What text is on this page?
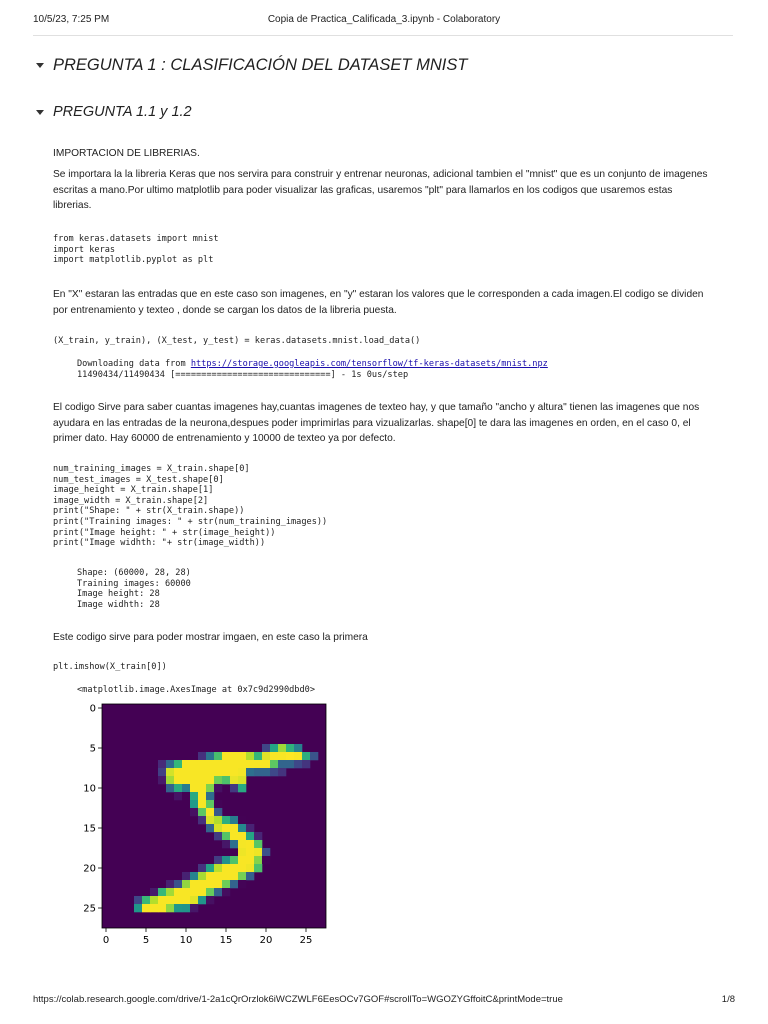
10/5/23, 7:25 PM	Copia de Practica_Calificada_3.ipynb - Colaboratory
PREGUNTA 1 : CLASIFICACIÓN DEL DATASET MNIST
PREGUNTA 1.1 y 1.2
IMPORTACION DE LIBRERIAS.
Se importara la la libreria Keras que nos servira para construir y entrenar neuronas, adicional tambien el "mnist" que es un conjunto de imagenes escritas a mano.Por ultimo matplotlib para poder visualizar las graficas, usaremos "plt" para llamarlos en los codigos que usaremos estas librerias.
from keras.datasets import mnist
import keras
import matplotlib.pyplot as plt
En "X" estaran las entradas que en este caso son imagenes, en "y" estaran los valores que le corresponden a cada imagen.El codigo se dividen por entrenamiento y texteo , donde se cargan los datos de la libreria puesta.
(X_train, y_train), (X_test, y_test) = keras.datasets.mnist.load_data()
Downloading data from https://storage.googleapis.com/tensorflow/tf-keras-datasets/mnist.npz
11490434/11490434 [==============================] - 1s 0us/step
El codigo Sirve para saber cuantas imagenes hay,cuantas imagenes de texteo hay, y que tamaño "ancho y altura" tienen las imagenes que nos ayudara en las entradas de la neurona,despues poder imprimirlas para vizualizarlas. shape[0] te dara las imagenes en orden, en el caso 0, el primer dato. Hay 60000 de entrenamiento y 10000 de texteo ya por defecto.
num_training_images = X_train.shape[0]
num_test_images = X_test.shape[0]
image_height = X_train.shape[1]
image_width = X_train.shape[2]
print("Shape: " + str(X_train.shape))
print("Training images: " + str(num_training_images))
print("Image height: " + str(image_height))
print("Image widhth: "+ str(image_width))
Shape: (60000, 28, 28)
Training images: 60000
Image height: 28
Image widhth: 28
Este codigo sirve para poder mostrar imgaen, en este caso la primera
plt.imshow(X_train[0])
<matplotlib.image.AxesImage at 0x7c9d2990dbd0>
0	5	10	15	20	25
0
5
10
15
20
25
https://colab.research.google.com/drive/1-2a1cQrOrzlok6iWCZWLF6EesOCv7GOF#scrollTo=WGOZYGffoitC&printMode=true	1/8
